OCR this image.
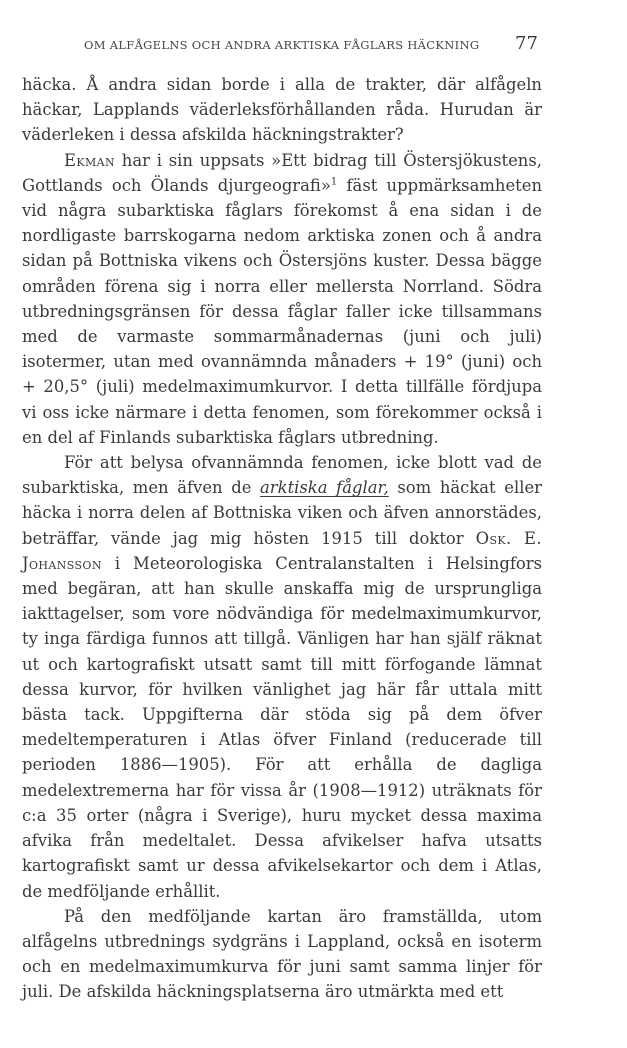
OM ALFÅGELNS OCH ANDRA ARKTISKA FÅGLARS HÄCKNING 77

häcka. Å andra sidan borde i alla de trakter, där alfågeln häckar, Lapplands väderleksförhållanden råda. Hurudan är väderleken i dessa afskilda häckningstrakter?

Ekman har i sin uppsats »Ett bidrag till Östersjökustens, Gottlands och Ölands djurgeografi»$^1$ fäst uppmärksamheten vid några subarktiska fåglars förekomst å ena sidan i de nordligaste barrskogarna nedom arktiska zonen och å andra sidan på Bottniska vikens och Östersjöns kuster. Dessa bägge områden förena sig i norra eller mellersta Norrland. Södra utbredningsgränsen för dessa fåglar faller icke tillsammans med de varmaste sommarmånadernas (juni och juli) isotermer, utan med ovannämnda månaders + 19° (juni) och + 20,5° (juli) medelmaximumkurvor. I detta tillfälle fördjupa vi oss icke närmare i detta fenomen, som förekommer också i en del af Finlands subarktiska fåglars utbredning.

För att belysa ofvannämnda fenomen, icke blott vad de subarktiska, men äfven de arktiska fåglar, som häckat eller häcka i norra delen af Bottniska viken och äfven annorstädes, beträffar, vände jag mig hösten 1915 till doktor Osk. E. Johansson i Meteorologiska Centralanstalten i Helsingfors med begäran, att han skulle anskaffa mig de ursprungliga iakttagelser, som vore nödvändiga för medelmaximumkurvor, ty inga färdiga funnos att tillgå. Vänligen har han själf räknat ut och kartografiskt utsatt samt till mitt förfogande lämnat dessa kurvor, för hvilken vänlighet jag här får uttala mitt bästa tack. Uppgifterna där stöda sig på dem öfver medeltemperaturen i Atlas öfver Finland (reducerade till perioden 1886—1905). För att erhålla de dagliga medelextremerna har för vissa år (1908—1912) uträknats för c:a 35 orter (några i Sverige), huru mycket dessa maxima afvika från medeltalet. Dessa afvikelser hafva utsatts kartografiskt samt ur dessa afvikelsekartor och dem i Atlas, de medföljande erhållit.

På den medföljande kartan äro framställda, utom alfågelns utbrednings sydgräns i Lappland, också en isoterm och en medelmaximumkurva för juni samt samma linjer för juli. De afskilda häckningsplatserna äro utmärkta med ett
